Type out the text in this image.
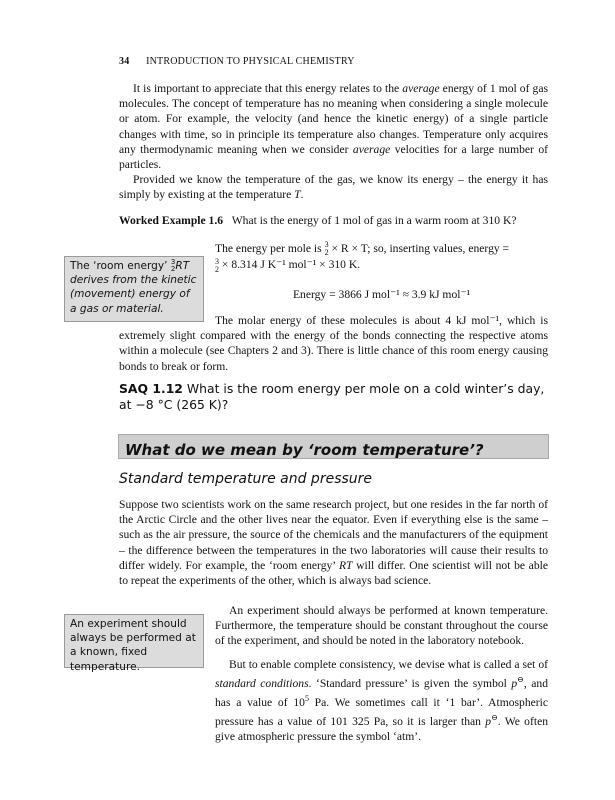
34 INTRODUCTION TO PHYSICAL CHEMISTRY
It is important to appreciate that this energy relates to the average energy of 1 mol of gas molecules. The concept of temperature has no meaning when considering a single molecule or atom. For example, the velocity (and hence the kinetic energy) of a single particle changes with time, so in principle its temperature also changes. Temperature only acquires any thermodynamic meaning when we consider average velocities for a large number of particles.
Provided we know the temperature of the gas, we know its energy – the energy it has simply by existing at the temperature T.
Worked Example 1.6 What is the energy of 1 mol of gas in a warm room at 310 K?
The ‘room energy’ 3
2RT derives from the kinetic (movement) energy of a gas or material.
The energy per mole is 3
2 × R × T; so, inserting values, energy =
3
2 × 8.314 J K⁻¹ mol⁻¹ × 310 K.
Energy = 3866 J mol⁻¹ ≈ 3.9 kJ mol⁻¹
The molar energy of these molecules is about 4 kJ mol⁻¹, which is extremely slight compared with the energy of the bonds connecting the respective atoms within a molecule (see Chapters 2 and 3). There is little chance of this room energy causing bonds to break or form.
SAQ 1.12 What is the room energy per mole on a cold winter’s day, at −8 °C (265 K)?
What do we mean by ‘room temperature’?
Standard temperature and pressure
Suppose two scientists work on the same research project, but one resides in the far north of the Arctic Circle and the other lives near the equator. Even if everything else is the same – such as the air pressure, the source of the chemicals and the manufacturers of the equipment – the difference between the temperatures in the two laboratories will cause their results to differ widely. For example, the ‘room energy’ RT will differ. One scientist will not be able to repeat the experiments of the other, which is always bad science.
An experiment should always be performed at a known, fixed temperature.
An experiment should always be performed at known temperature. Furthermore, the temperature should be constant throughout the course of the experiment, and should be noted in the laboratory notebook.
But to enable complete consistency, we devise what is called a set of standard conditions. ‘Standard pressure’ is given the symbol p⊖, and has a value of $10^5$ Pa. We sometimes call it ‘1 bar’. Atmospheric pressure has a value of 101 325 Pa, so it is larger than p⊖. We often give atmospheric pressure the symbol ‘atm’.
